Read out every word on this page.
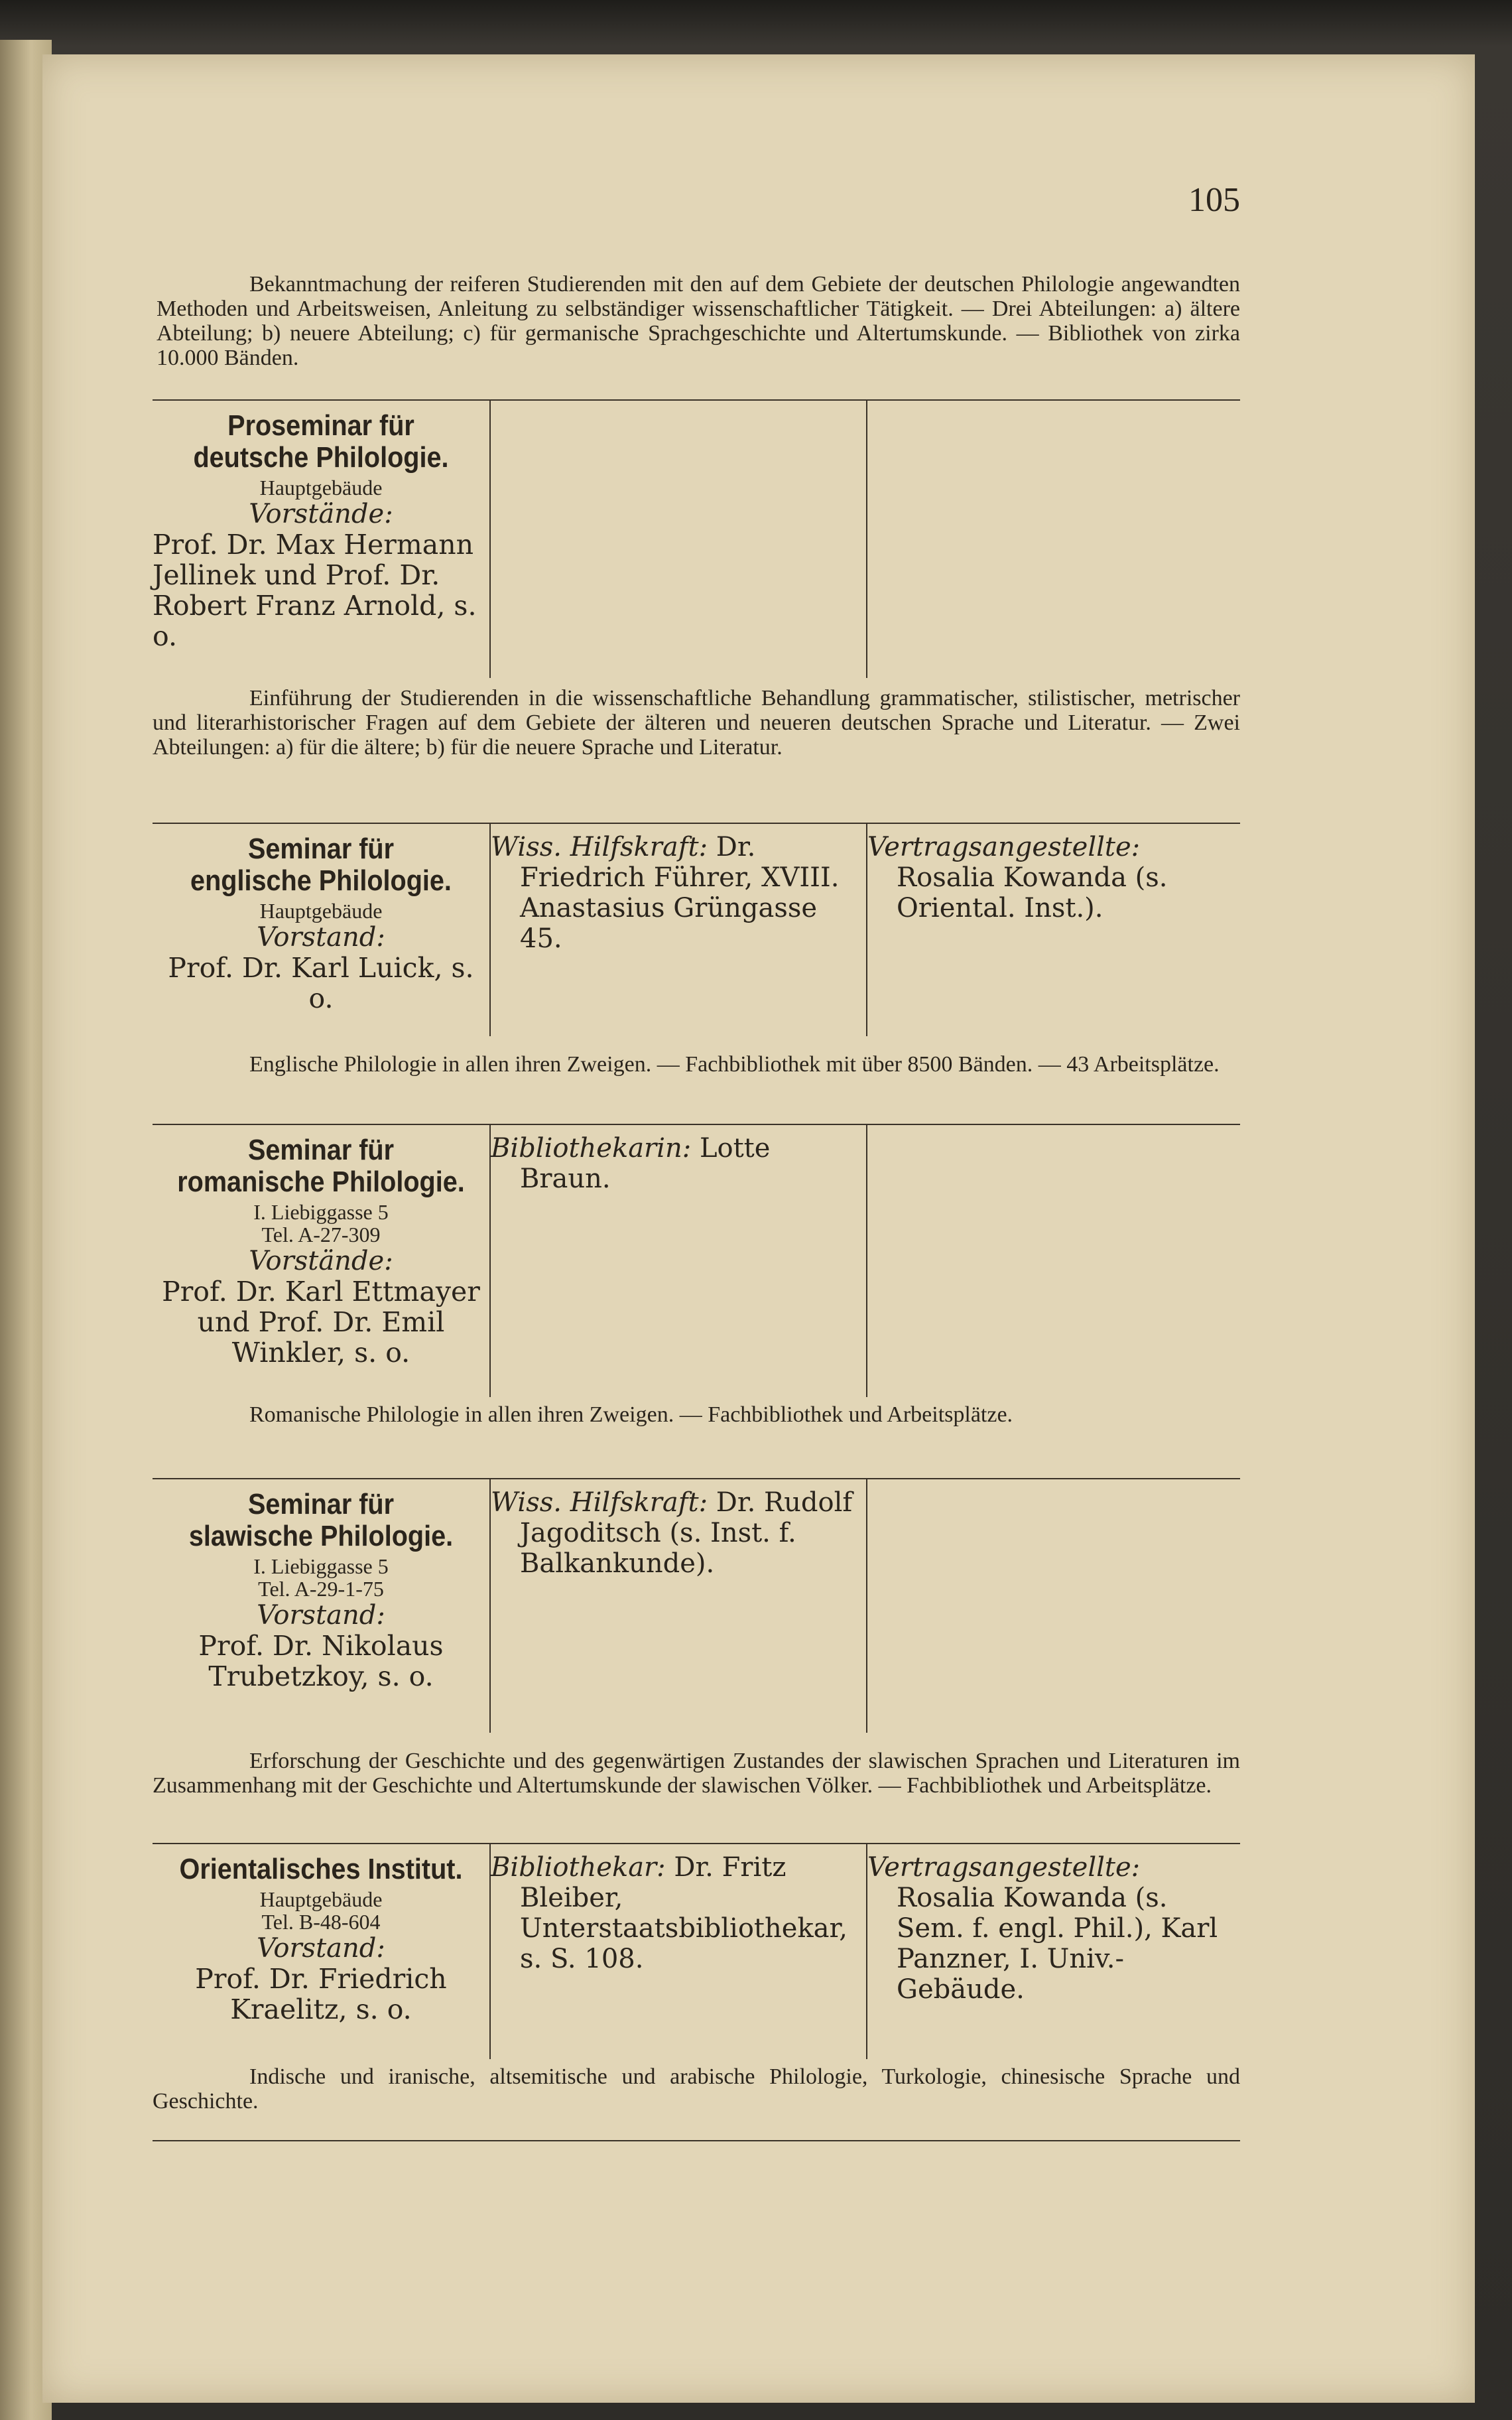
105
Bekanntmachung der reiferen Studierenden mit den auf dem Gebiete der deutschen Philologie angewandten Methoden und Arbeitsweisen, Anleitung zu selbständiger wissenschaftlicher Tätigkeit. — Drei Abteilungen: a) ältere Abteilung; b) neuere Abteilung; c) für germanische Sprachgeschichte und Altertumskunde. — Bibliothek von zirka 10.000 Bänden.
Proseminar für
deutsche Philologie.
Hauptgebäude
Vorstände:
Prof. Dr. Max Hermann Jellinek und Prof. Dr. Robert Franz Arnold, s. o.
Einführung der Studierenden in die wissenschaftliche Behandlung grammatischer, stilistischer, metrischer und literarhistorischer Fragen auf dem Gebiete der älteren und neueren deutschen Sprache und Literatur. — Zwei Abteilungen: a) für die ältere; b) für die neuere Sprache und Literatur.
Seminar für
englische Philologie.
Hauptgebäude
Vorstand:
Prof. Dr. Karl Luick, s. o.
Wiss. Hilfskraft: Dr. Friedrich Führer, XVIII. Anastasius Grüngasse 45.
Vertragsangestellte:
Rosalia Kowanda (s. Oriental. Inst.).
Englische Philologie in allen ihren Zweigen. — Fachbibliothek mit über 8500 Bänden. — 43 Arbeitsplätze.
Seminar für
romanische Philologie.
I. Liebiggasse 5
Tel. A-27-309
Vorstände:
Prof. Dr. Karl Ettmayer und Prof. Dr. Emil Winkler, s. o.
Bibliothekarin: Lotte Braun.
Romanische Philologie in allen ihren Zweigen. — Fachbibliothek und Arbeitsplätze.
Seminar für
slawische Philologie.
I. Liebiggasse 5
Tel. A-29-1-75
Vorstand:
Prof. Dr. Nikolaus Trubetzkoy, s. o.
Wiss. Hilfskraft: Dr. Rudolf Jagoditsch (s. Inst. f. Balkankunde).
Erforschung der Geschichte und des gegenwärtigen Zustandes der slawischen Sprachen und Literaturen im Zusammenhang mit der Geschichte und Altertumskunde der slawischen Völker. — Fachbibliothek und Arbeitsplätze.
Orientalisches Institut.
Hauptgebäude
Tel. B-48-604
Vorstand:
Prof. Dr. Friedrich Kraelitz, s. o.
Bibliothekar: Dr. Fritz Bleiber, Unterstaatsbibliothekar, s. S. 108.
Vertragsangestellte:
Rosalia Kowanda (s. Sem. f. engl. Phil.), Karl Panzner, I. Univ.-Gebäude.
Indische und iranische, altsemitische und arabische Philologie, Turkologie, chinesische Sprache und Geschichte.
